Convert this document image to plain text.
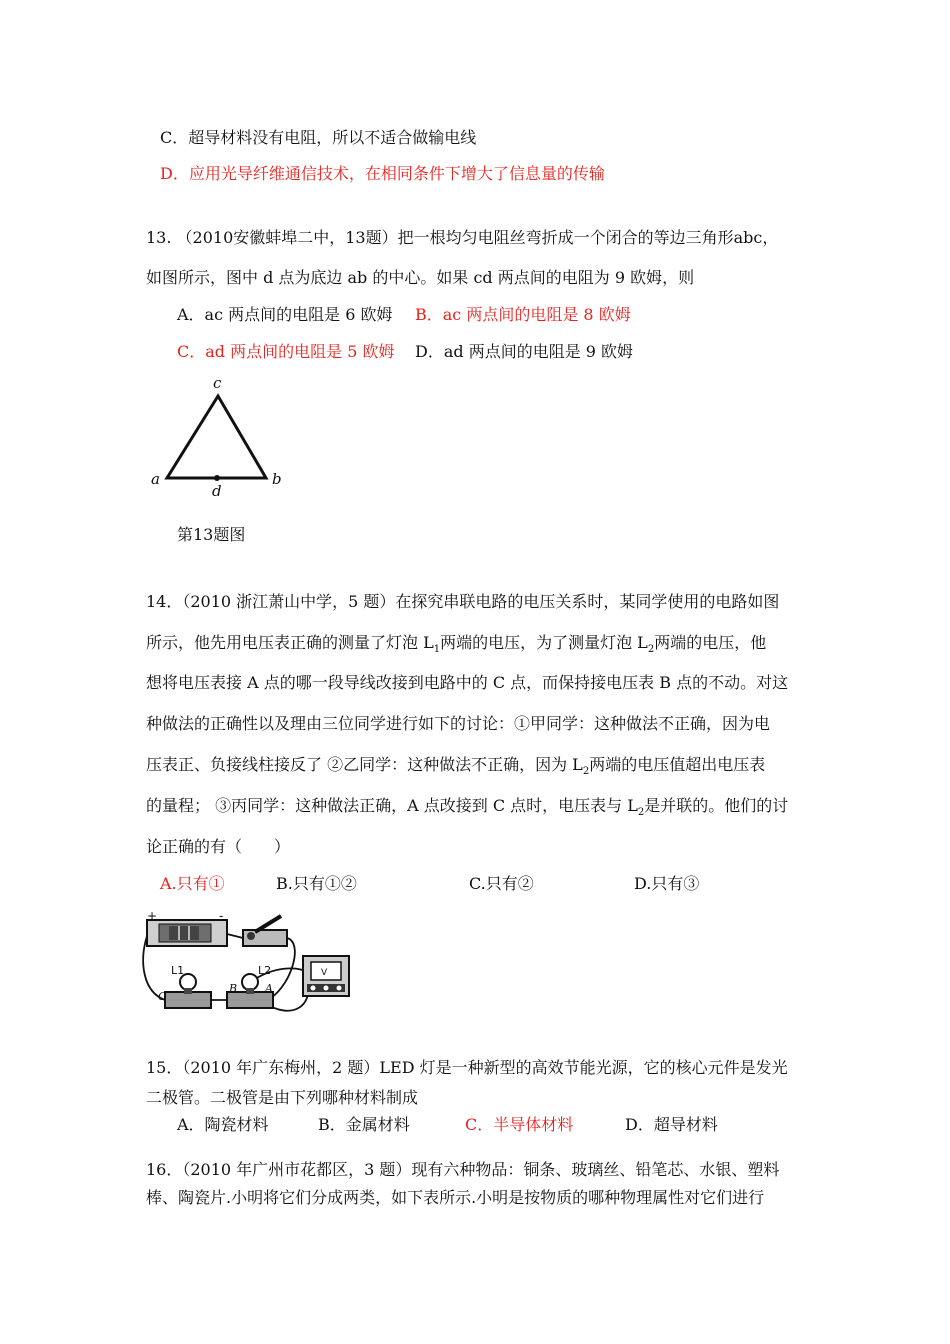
C．超导材料没有电阻，所以不适合做输电线
D．应用光导纤维通信技术，在相同条件下增大了信息量的传输
13. （2010安徽蚌埠二中，13题）把一根均匀电阻丝弯折成一个闭合的等边三角形abc，
如图所示，图中 d 点为底边 ab 的中心。如果 cd 两点间的电阻为 9 欧姆，则
A．ac 两点间的电阻是 6 欧姆 B．ac 两点间的电阻是 8 欧姆
C．ad 两点间的电阻是 5 欧姆 D．ad 两点间的电阻是 9 欧姆
c
a	b
d
第13题图
14．（2010 浙江萧山中学，5 题）在探究串联电路的电压关系时，某同学使用的电路如图
所示，他先用电压表正确的测量了灯泡 $L_1$两端的电压，为了测量灯泡 $L_2$两端的电压，他
想将电压表接 A 点的哪一段导线改接到电路中的 C 点，而保持接电压表 B 点的不动。对这
种做法的正确性以及理由三位同学进行如下的讨论：①甲同学：这种做法不正确，因为电
压表正、负接线柱接反了 ②乙同学：这种做法不正确，因为 $L_2$两端的电压值超出电压表
的量程； ③丙同学：这种做法正确，A 点改接到 C 点时，电压表与 $L_2$是并联的。他们的讨
论正确的有（　　）
A.只有①	B.只有①②	C.只有②	D.只有③
+	-
L1	L2
C
B	A
V
15．（2010 年广东梅州，2 题）LED 灯是一种新型的高效节能光源，它的核心元件是发光
二极管。二极管是由下列哪种材料制成
A．陶瓷材料	B．金属材料	C．半导体材料	D．超导材料
16．（2010 年广州市花都区，3 题）现有六种物品：铜条、玻璃丝、铅笔芯、水银、塑料
棒、陶瓷片.小明将它们分成两类，如下表所示.小明是按物质的哪种物理属性对它们进行
